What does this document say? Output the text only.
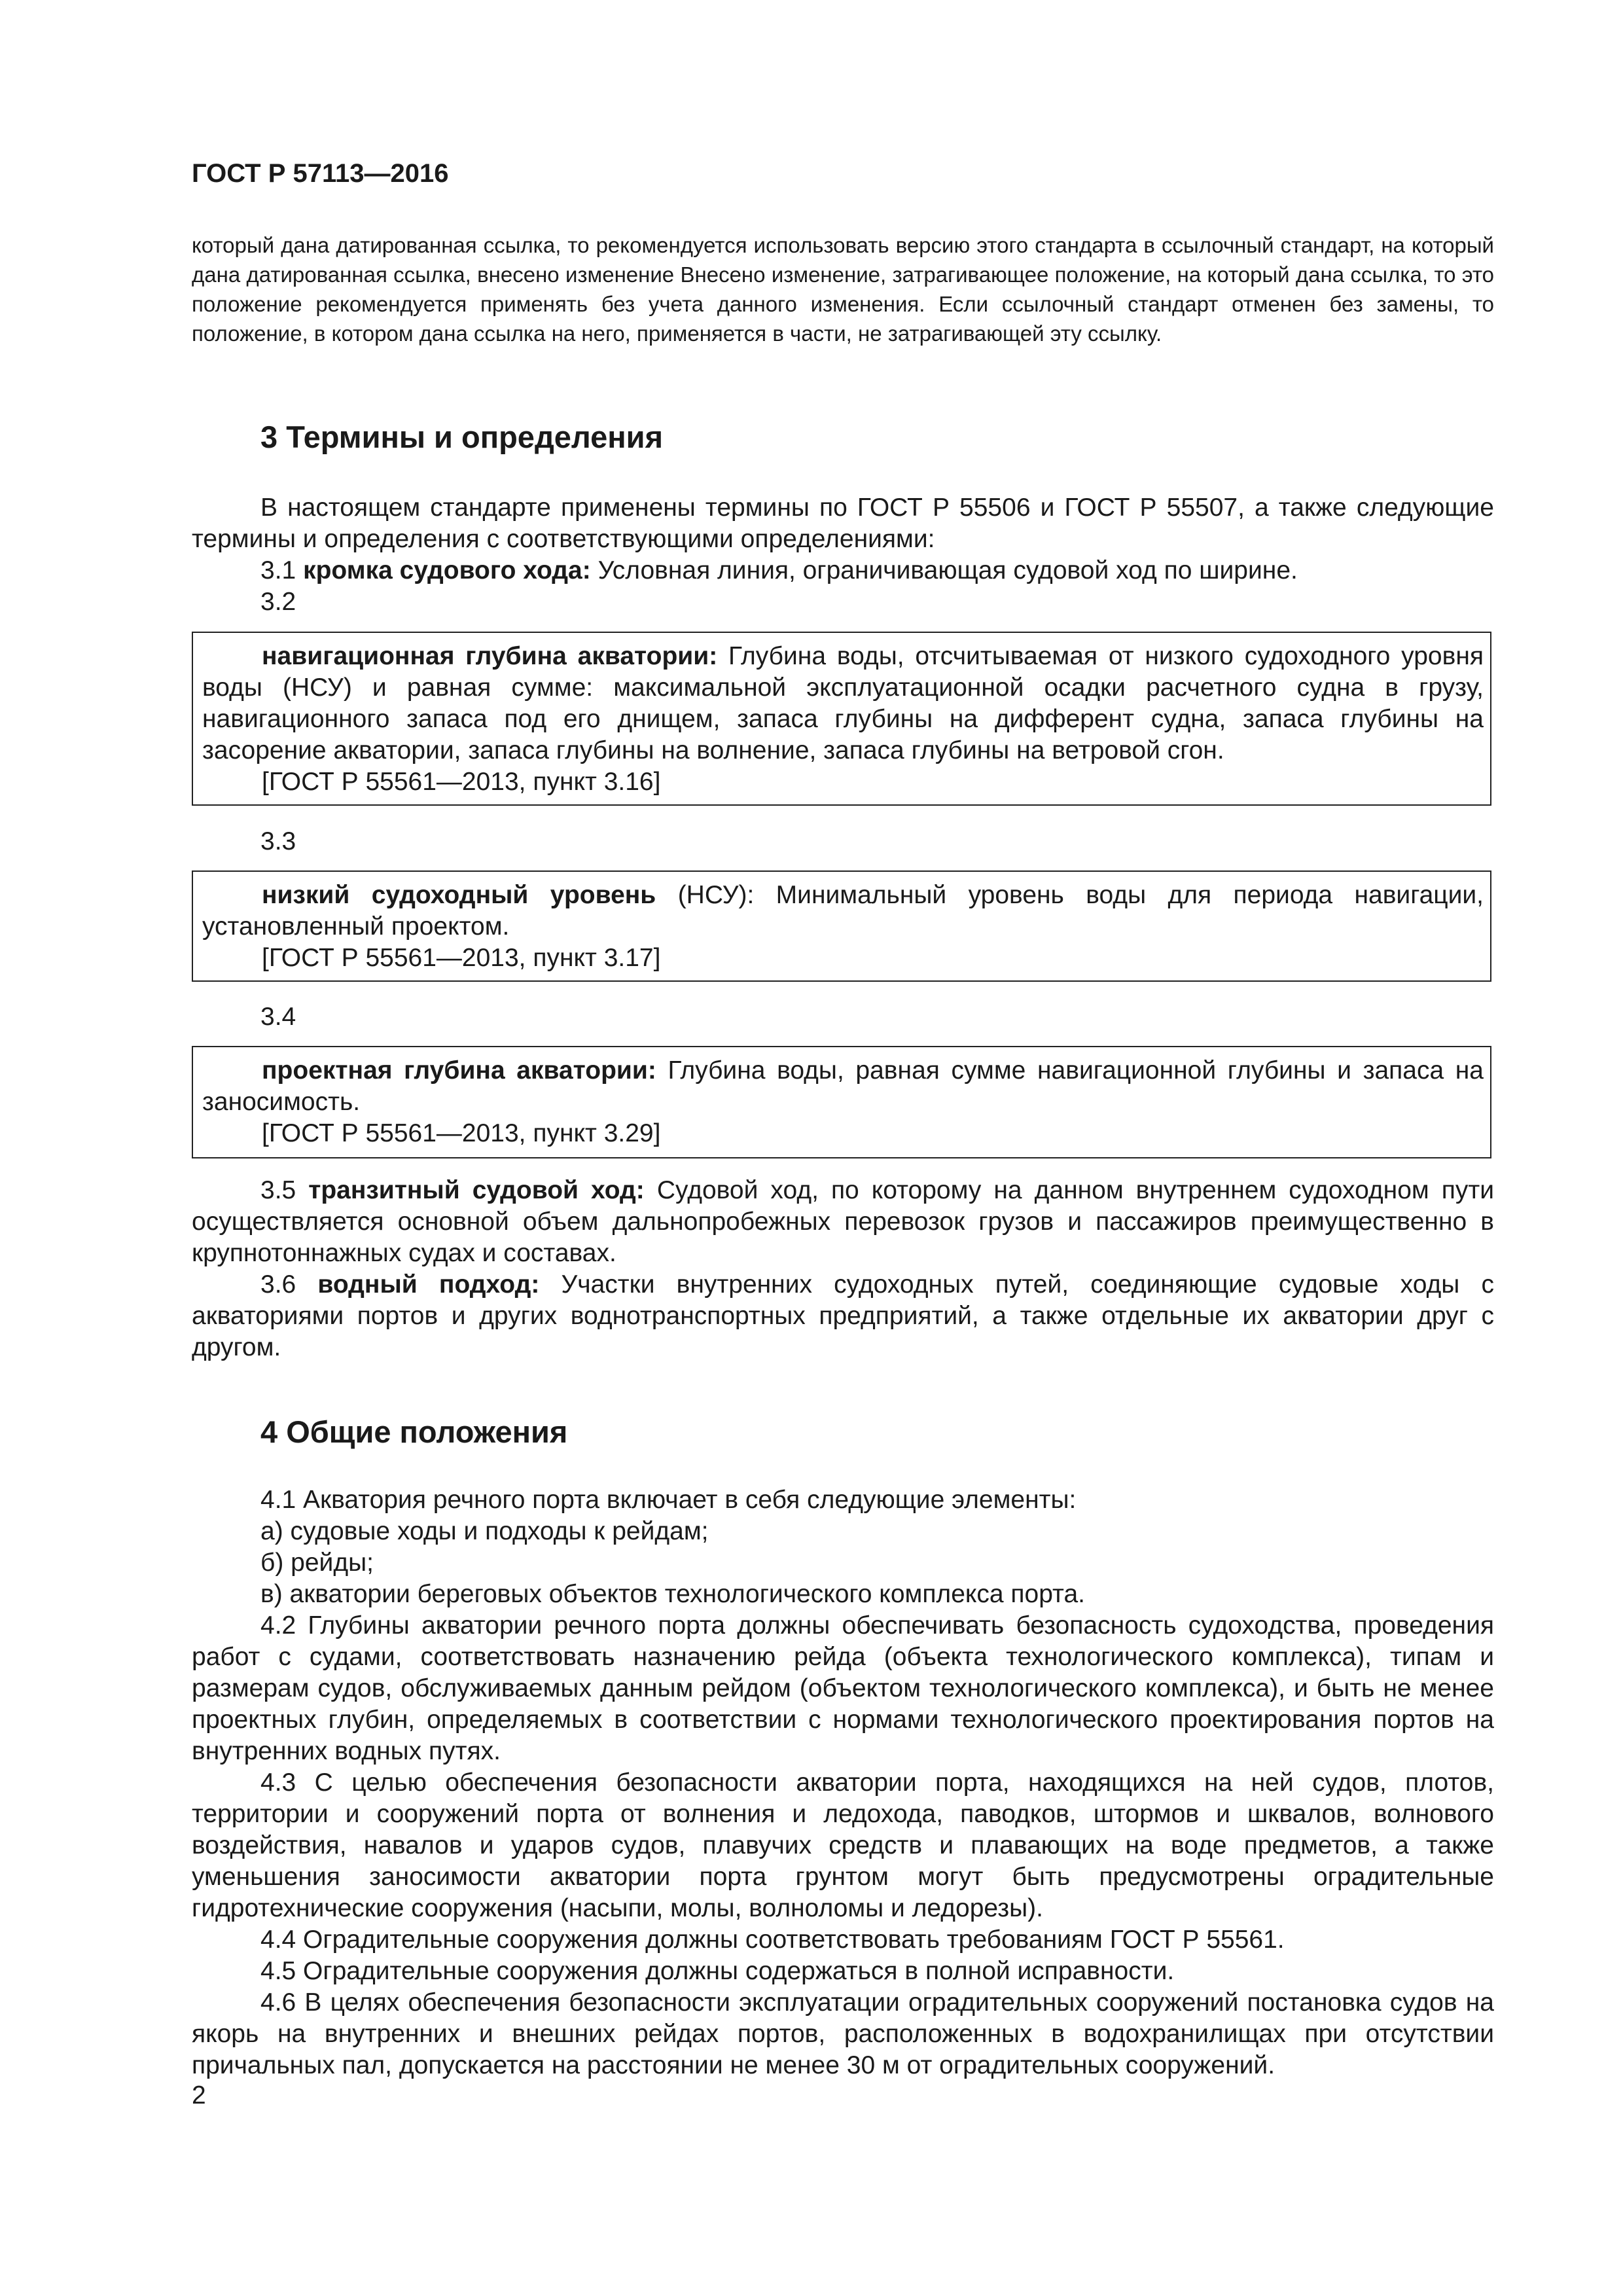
ГОСТ Р 57113—2016

который дана датированная ссылка, то рекомендуется использовать версию этого стандарта в ссылочный стандарт, на который дана датированная ссылка, внесено изменение Внесено изменение, затрагивающее положение, на который дана ссылка, то это положение рекомендуется применять без учета данного изменения. Если ссылочный стандарт отменен без замены, то положение, в котором дана ссылка на него, применяется в части, не затрагивающей эту ссылку.

3 Термины и определения

В настоящем стандарте применены термины по ГОСТ Р 55506 и ГОСТ Р 55507, а также следующие термины и определения с соответствующими определениями:

3.1 кромка судового хода: Условная линия, ограничивающая судовой ход по ширине.

3.2

навигационная глубина акватории: Глубина воды, отсчитываемая от низкого судоходного уровня воды (НСУ) и равная сумме: максимальной эксплуатационной осадки расчетного судна в грузу, навигационного запаса под его днищем, запаса глубины на дифферент судна, запаса глубины на засорение акватории, запаса глубины на волнение, запаса глубины на ветровой сгон.

[ГОСТ Р 55561—2013, пункт 3.16]

3.3

низкий судоходный уровень (НСУ): Минимальный уровень воды для периода навигации, установленный проектом.

[ГОСТ Р 55561—2013, пункт 3.17]

3.4

проектная глубина акватории: Глубина воды, равная сумме навигационной глубины и запаса на заносимость.

[ГОСТ Р 55561—2013, пункт 3.29]

3.5 транзитный судовой ход: Судовой ход, по которому на данном внутреннем судоходном пути осуществляется основной объем дальнопробежных перевозок грузов и пассажиров преимущественно в крупнотоннажных судах и составах.

3.6 водный подход: Участки внутренних судоходных путей, соединяющие судовые ходы с акваториями портов и других воднотранспортных предприятий, а также отдельные их акватории друг с другом.

4 Общие положения

4.1 Акватория речного порта включает в себя следующие элементы:

а) судовые ходы и подходы к рейдам;

б) рейды;

в) акватории береговых объектов технологического комплекса порта.

4.2 Глубины акватории речного порта должны обеспечивать безопасность судоходства, проведения работ с судами, соответствовать назначению рейда (объекта технологического комплекса), типам и размерам судов, обслуживаемых данным рейдом (объектом технологического комплекса), и быть не менее проектных глубин, определяемых в соответствии с нормами технологического проектирования портов на внутренних водных путях.

4.3 С целью обеспечения безопасности акватории порта, находящихся на ней судов, плотов, территории и сооружений порта от волнения и ледохода, паводков, штормов и шквалов, волнового воздействия, навалов и ударов судов, плавучих средств и плавающих на воде предметов, а также уменьшения заносимости акватории порта грунтом могут быть предусмотрены оградительные гидротехнические сооружения (насыпи, молы, волноломы и ледорезы).

4.4 Оградительные сооружения должны соответствовать требованиям ГОСТ Р 55561.

4.5 Оградительные сооружения должны содержаться в полной исправности.

4.6 В целях обеспечения безопасности эксплуатации оградительных сооружений постановка судов на якорь на внутренних и внешних рейдах портов, расположенных в водохранилищах при отсутствии причальных пал, допускается на расстоянии не менее 30 м от оградительных сооружений.

2
